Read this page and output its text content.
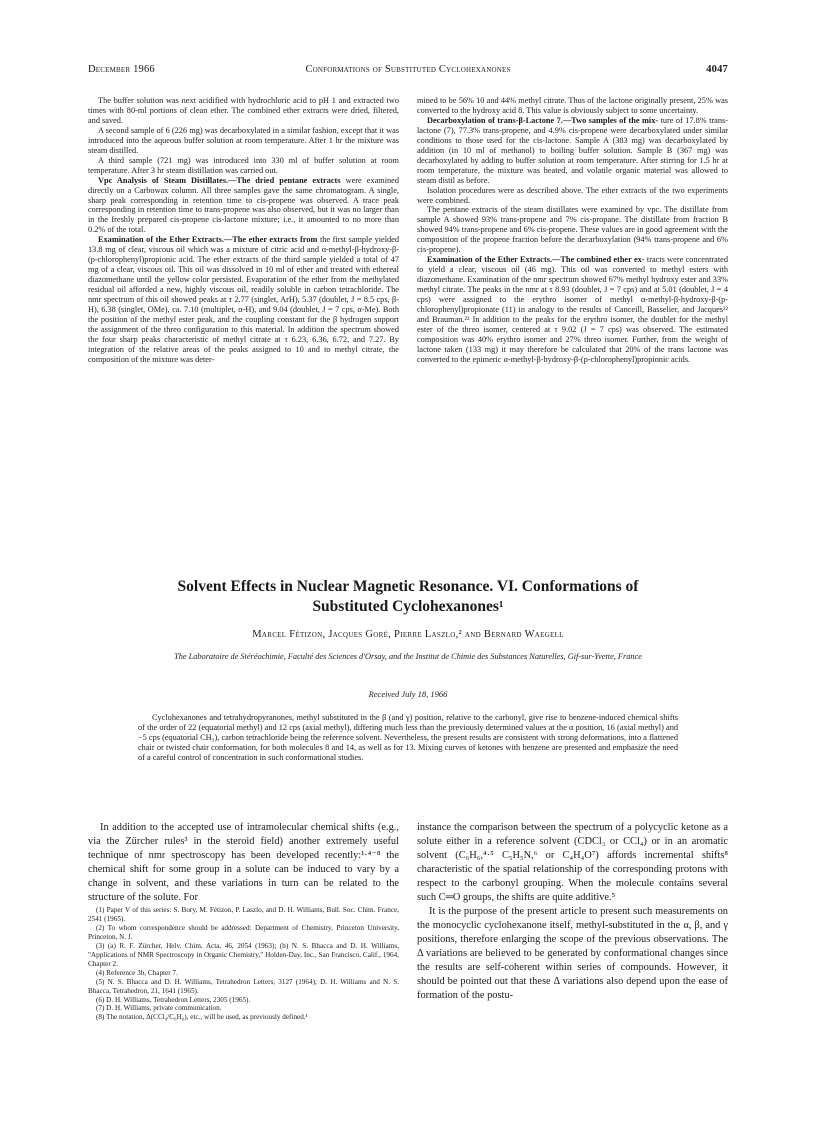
December 1966	Conformations of Substituted Cyclohexanones	4047

The buffer solution was next acidified with hydrochloric acid to pH 1 and extracted two times with 80-ml portions of clean ether. The combined ether extracts were dried, filtered, and saved.

A second sample of 6 (226 mg) was decarboxylated in a similar fashion, except that it was introduced into the aqueous buffer solution at room temperature. After 1 hr the mixture was steam distilled.

A third sample (721 mg) was introduced into 330 ml of buffer solution at room temperature. After 3 hr steam distillation was carried out.

Vpc Analysis of Steam Distillates.—The dried pentane extracts were examined directly on a Carbowax column. All three samples gave the same chromatogram. A single, sharp peak corresponding in retention time to cis-propene was observed. A trace peak corresponding in retention time to trans-propene was also observed, but it was no larger than in the freshly prepared cis-propene cis-lactone mixture; i.e., it amounted to no more than 0.2% of the total.

Examination of the Ether Extracts.—The ether extracts from the first sample yielded 13.8 mg of clear, viscous oil which was a mixture of citric acid and α-methyl-β-hydroxy-β-(p-chlorophenyl)propionic acid. The ether extracts of the third sample yielded a total of 47 mg of a clear, viscous oil. This oil was dissolved in 10 ml of ether and treated with ethereal diazomethane until the yellow color persisted. Evaporation of the ether from the methylated residual oil afforded a new, highly viscous oil, readily soluble in carbon tetrachloride. The nmr spectrum of this oil showed peaks at τ 2.77 (singlet, ArH), 5.37 (doublet, J = 8.5 cps, β-H), 6.38 (singlet, OMe), ca. 7.10 (multiplet, α-H), and 9.04 (doublet, J = 7 cps, α-Me). Both the position of the methyl ester peak, and the coupling constant for the β hydrogen support the assignment of the threo configuration to this material. In addition the spectrum showed the four sharp peaks characteristic of methyl citrate at τ 6.23, 6.36, 6.72, and 7.27. By integration of the relative areas of the peaks assigned to 10 and to methyl citrate, the composition of the mixture was deter-

mined to be 56% 10 and 44% methyl citrate. Thus of the lactone originally present, 25% was converted to the hydroxy acid 8. This value is obviously subject to some uncertainty.

Decarboxylation of trans-β-Lactone 7.—Two samples of the mix- ture of 17.8% trans-lactone (7), 77.3% trans-propene, and 4.9% cis-propene were decarboxylated under similar conditions to those used for the cis-lactone. Sample A (383 mg) was decarboxylated by addition (in 10 ml of methanol) to boiling buffer solution. Sample B (367 mg) was decarboxylated by adding to buffer solution at room temperature. After stirring for 1.5 hr at room temperature, the mixture was heated, and volatile organic material was allowed to steam distil as before.

Isolation procedures were as described above. The ether extracts of the two experiments were combined.

The pentane extracts of the steam distillates were examined by vpc. The distillate from sample A showed 93% trans-propene and 7% cis-propane. The distillate from fraction B showed 94% trans-propene and 6% cis-propene. These values are in good agreement with the composition of the propene fraction before the decarboxylation (94% trans-propene and 6% cis-propene).

Examination of the Ether Extracts.—The combined ether ex- tracts were concentrated to yield a clear, viscous oil (46 mg). This oil was converted to methyl esters with diazomethane. Examination of the nmr spectrum showed 67% methyl hydroxy ester and 33% methyl citrate. The peaks in the nmr at τ 8.93 (doublet, J = 7 cps) and at 5.01 (doublet, J = 4 cps) were assigned to the erythro isomer of methyl α-methyl-β-hydroxy-β-(p-chlorophenyl)propionate (11) in analogy to the results of Canceill, Basselier, and Jacques²² and Brauman.²³ In addition to the peaks for the erythro isomer, the doublet for the methyl ester of the threo isomer, centered at τ 9.02 (J = 7 cps) was observed. The estimated composition was 40% erythro isomer and 27% threo isomer. Further, from the weight of lactone taken (133 mg) it may therefore be calculated that 20% of the trans lactone was converted to the epimeric α-methyl-β-hydroxy-β-(p-chlorophenyl)propionic acids.

Solvent Effects in Nuclear Magnetic Resonance. VI. Conformations of
Substituted Cyclohexanones¹
Marcel Fétizon, Jacques Goré, Pierre Laszlo,² and Bernard Waegell
The Laboratoire de Stéréochimie, Faculté des Sciences d'Orsay, and the Institut de Chimie des Substances Naturelles, Gif-sur-Yvette, France
Received July 18, 1966
Cyclohexanones and tetrahydropyranones, methyl substituted in the β (and γ) position, relative to the carbonyl, give rise to benzene-induced chemical shifts of the order of 22 (equatorial methyl) and 12 cps (axial methyl), differing much less than the previously determined values at the α position, 16 (axial methyl) and −5 cps (equatorial CH₃), carbon tetrachloride being the reference solvent. Nevertheless, the present results are consistent with strong deformations, into a flattened chair or twisted chair conformation, for both molecules 8 and 14, as well as for 13. Mixing curves of ketones with benzene are presented and emphasize the need of a careful control of concentration in such conformational studies.

In addition to the accepted use of intramolecular chemical shifts (e.g., via the Zürcher rules³ in the steroid field) another extremely useful technique of nmr spectroscopy has been developed recently:¹·⁴⁻⁸ the chemical shift for some group in a solute can be induced to vary by a change in solvent, and these variations in turn can be related to the structure of the solute. For

(1) Paper V of this series: S. Bory, M. Fétizon, P. Laszlo, and D. H. Williams, Bull. Soc. Chim. France, 2541 (1965).

(2) To whom correspondence should be addressed: Department of Chemistry, Princeton University, Princeton, N. J.

(3) (a) R. F. Zürcher, Helv. Chim. Acta, 46, 2054 (1963); (b) N. S. Bhacca and D. H. Williams, "Applications of NMR Spectroscopy in Organic Chemistry," Holden-Day, Inc., San Francisco, Calif., 1964, Chapter 2.

(4) Reference 3b, Chapter 7.

(5) N. S. Bhacca and D. H. Williams, Tetrahedron Letters, 3127 (1964); D. H. Williams and N. S. Bhacca, Tetrahedron, 21, 1641 (1965).

(6) D. H. Williams, Tetrahedron Letters, 2305 (1965).

(7) D. H. Williams, private communication.

(8) The notation, Δ(CCl₄/C₆H₆), etc., will be used, as previously defined.¹

instance the comparison between the spectrum of a polycyclic ketone as a solute either in a reference solvent (CDCl₃ or CCl₄) or in an aromatic solvent (C₆H₆,⁴·⁵ C₅H₅N,⁶ or C₄H₄O⁷) affords incremental shifts⁸ characteristic of the spatial relationship of the corresponding protons with respect to the carbonyl grouping. When the molecule contains several such C═O groups, the shifts are quite additive.⁵

It is the purpose of the present article to present such measurements on the monocyclic cyclohexanone itself, methyl-substituted in the α, β, and γ positions, therefore enlarging the scope of the previous observations. The Δ variations are believed to be generated by conformational changes since the results are self-coherent within series of compounds. However, it should be pointed out that these Δ variations also depend upon the ease of formation of the postu-
